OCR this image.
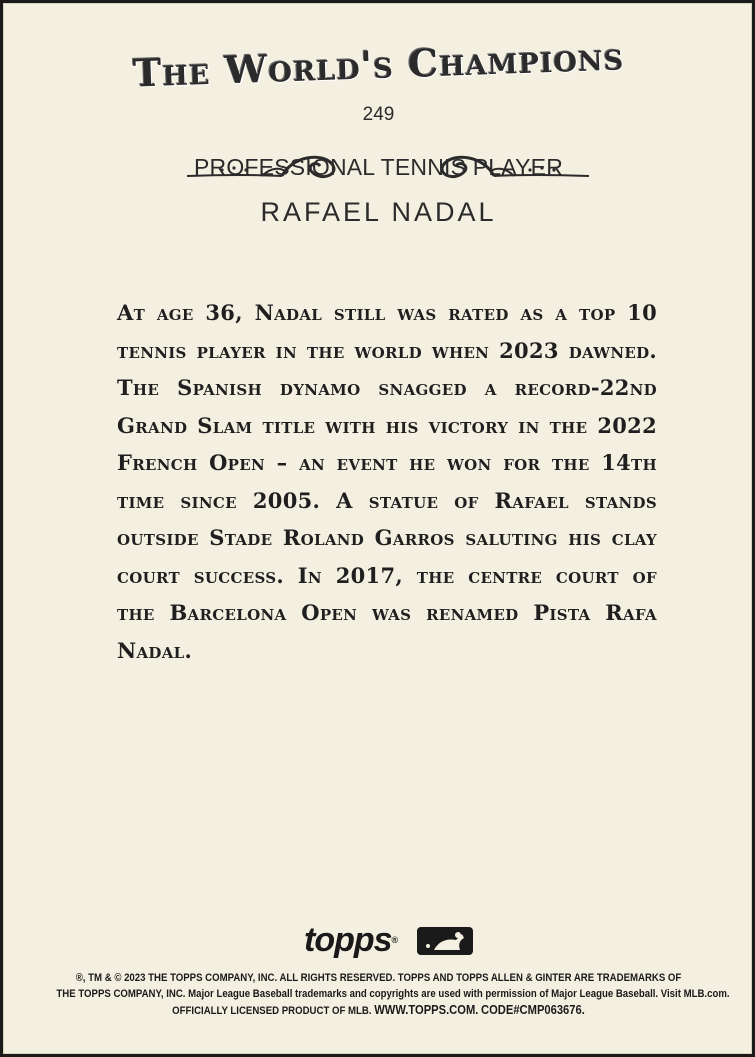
The World's Champions
249
PROFESSIONAL TENNIS PLAYER
RAFAEL NADAL
At age 36, Nadal still was rated as a top 10 tennis player in the world when 2023 dawned. The Spanish dynamo snagged a record-22nd Grand Slam title with his victory in the 2022 French Open – an event he won for the 14th time since 2005. A statue of Rafael stands outside Stade Roland Garros saluting his clay court success. In 2017, the centre court of the Barcelona Open was renamed Pista Rafa Nadal.
topps®
®, TM & © 2023 THE TOPPS COMPANY, INC. ALL RIGHTS RESERVED. TOPPS AND TOPPS ALLEN & GINTER ARE TRADEMARKS OF
THE TOPPS COMPANY, INC. Major League Baseball trademarks and copyrights are used with permission of Major League Baseball. Visit MLB.com.
OFFICIALLY LICENSED PRODUCT OF MLB. WWW.TOPPS.COM. CODE#CMP063676.
